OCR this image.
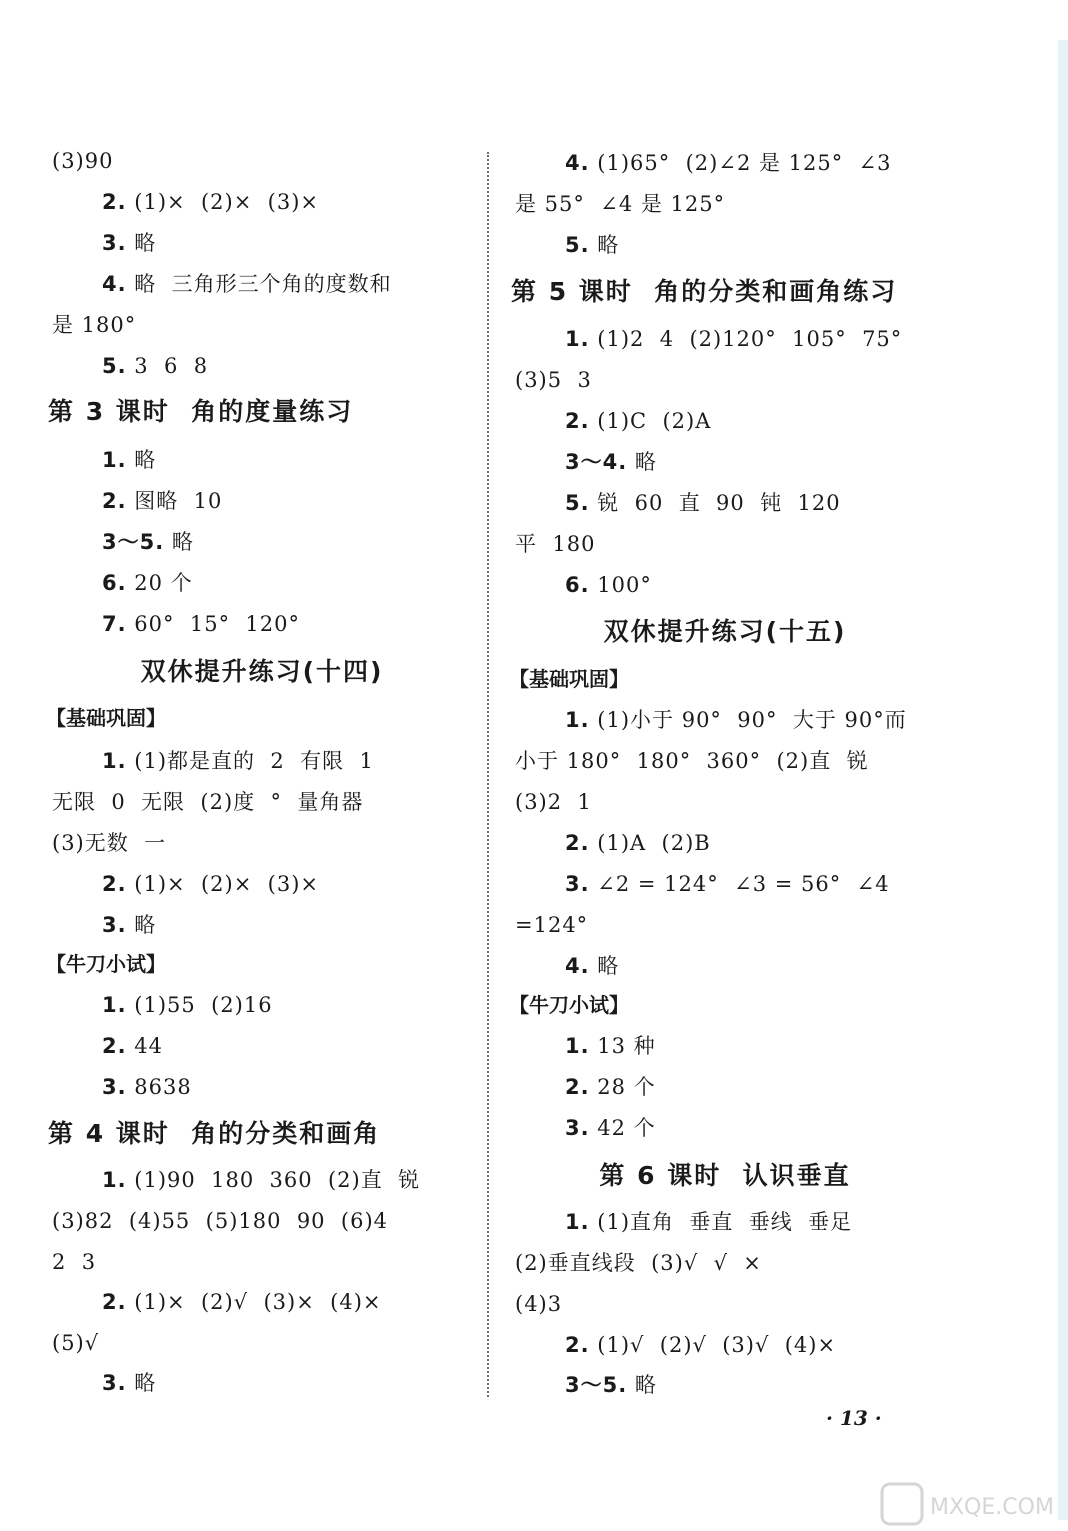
(3)90
2. (1)×  (2)×  (3)×
3. 略
4. 略  三角形三个角的度数和
是 180°
5. 3  6  8
第 3 课时  角的度量练习
1. 略
2. 图略  10
3～5. 略
6. 20 个
7. 60°  15°  120°
双休提升练习(十四)
【基础巩固】
1. (1)都是直的  2  有限  1
无限  0  无限  (2)度  °  量角器
(3)无数  一
2. (1)×  (2)×  (3)×
3. 略
【牛刀小试】
1. (1)55  (2)16
2. 44
3. 8638
第 4 课时  角的分类和画角
1. (1)90  180  360  (2)直  锐
(3)82  (4)55  (5)180  90  (6)4
2  3
2. (1)×  (2)√  (3)×  (4)×
(5)√
3. 略
4. (1)65°  (2)∠2 是 125°  ∠3
是 55°  ∠4 是 125°
5. 略
第 5 课时  角的分类和画角练习
1. (1)2  4  (2)120°  105°  75°
(3)5  3
2. (1)C  (2)A
3～4. 略
5. 锐  60  直  90  钝  120
平  180
6. 100°
双休提升练习(十五)
【基础巩固】
1. (1)小于 90°  90°  大于 90°而
小于 180°  180°  360°  (2)直  锐
(3)2  1
2. (1)A  (2)B
3. ∠2 = 124°  ∠3 = 56°  ∠4
=124°
4. 略
【牛刀小试】
1. 13 种
2. 28 个
3. 42 个
第 6 课时  认识垂直
1. (1)直角  垂直  垂线  垂足
(2)垂直线段  (3)√  √  ×
(4)3
2. (1)√  (2)√  (3)√  (4)×
3～5. 略
· 13 ·
MXQE.COM
